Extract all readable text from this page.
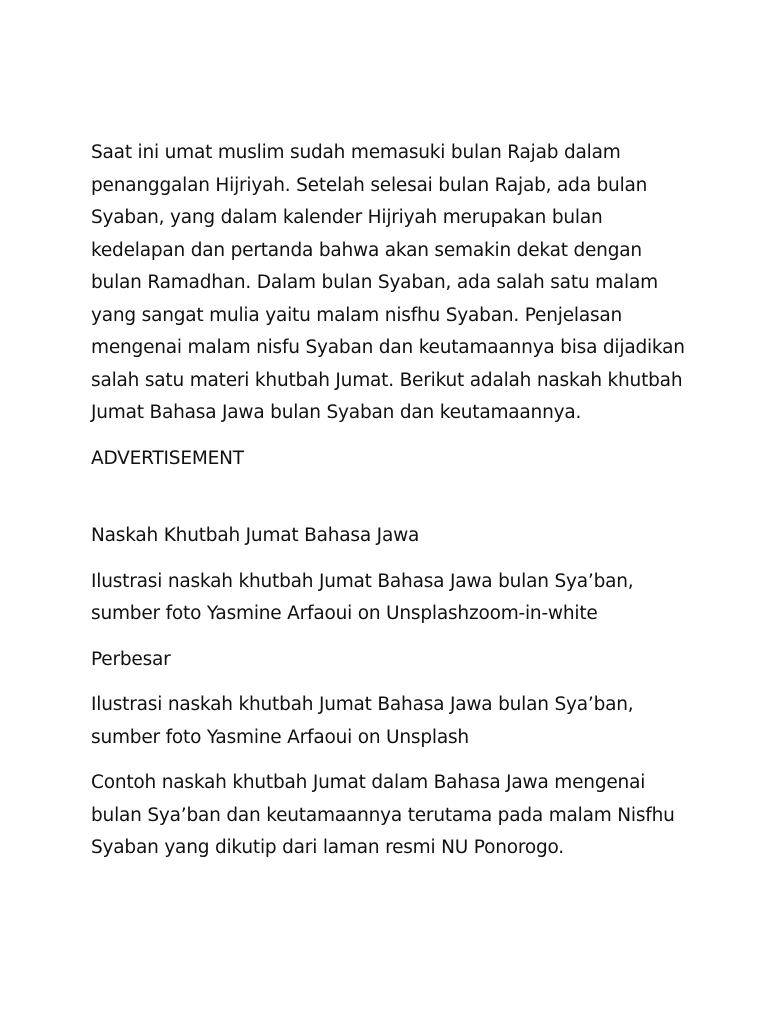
Saat ini umat muslim sudah memasuki bulan Rajab dalam penanggalan Hijriyah. Setelah selesai bulan Rajab, ada bulan Syaban, yang dalam kalender Hijriyah merupakan bulan kedelapan dan pertanda bahwa akan semakin dekat dengan bulan Ramadhan. Dalam bulan Syaban, ada salah satu malam yang sangat mulia yaitu malam nisfhu Syaban. Penjelasan mengenai malam nisfu Syaban dan keutamaannya bisa dijadikan salah satu materi khutbah Jumat. Berikut adalah naskah khutbah Jumat Bahasa Jawa bulan Syaban dan keutamaannya.

ADVERTISEMENT

Naskah Khutbah Jumat Bahasa Jawa

Ilustrasi naskah khutbah Jumat Bahasa Jawa bulan Sya’ban, sumber foto Yasmine Arfaoui on Unsplashzoom-in-white

Perbesar

Ilustrasi naskah khutbah Jumat Bahasa Jawa bulan Sya’ban, sumber foto Yasmine Arfaoui on Unsplash

Contoh naskah khutbah Jumat dalam Bahasa Jawa mengenai bulan Sya’ban dan keutamaannya terutama pada malam Nisfhu Syaban yang dikutip dari laman resmi NU Ponorogo.
